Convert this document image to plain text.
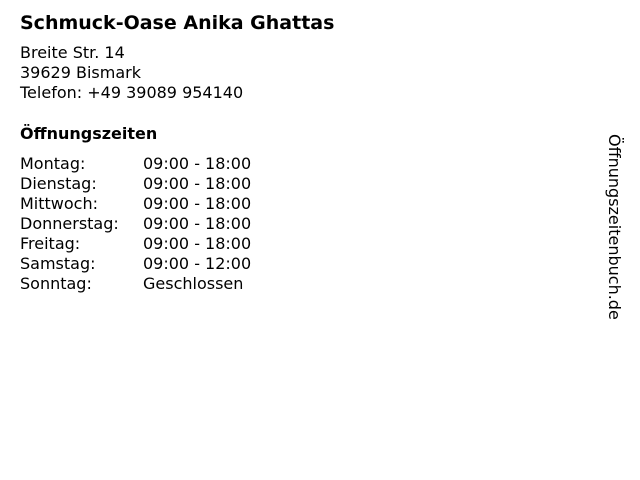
Schmuck-Oase Anika Ghattas
Breite Str. 14
39629 Bismark
Telefon: +49 39089 954140
Öffnungszeiten
Montag:	09:00 - 18:00
Dienstag:	09:00 - 18:00
Mittwoch:	09:00 - 18:00
Donnerstag: 09:00 - 18:00
Freitag:	09:00 - 18:00
Samstag:	09:00 - 12:00
Sonntag:	Geschlossen	Öffnungszeitenbuch.de
